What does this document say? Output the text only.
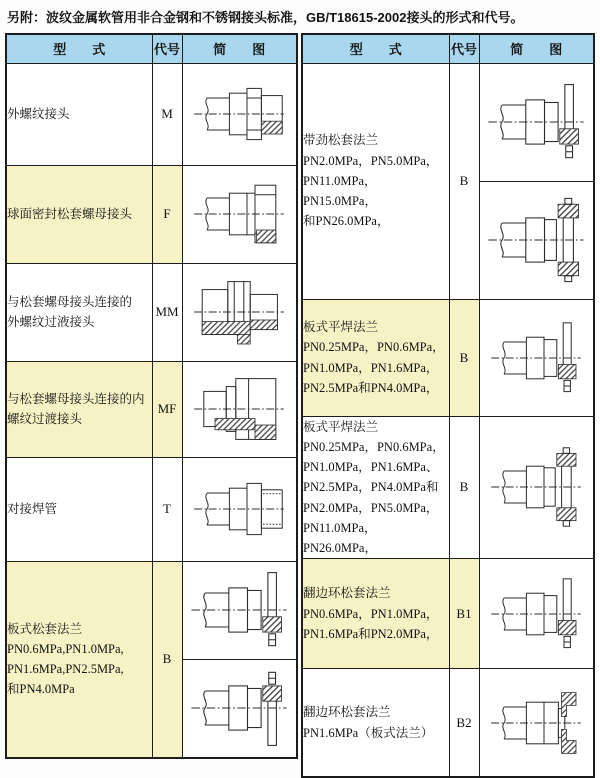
另附：波纹金属软管用非合金钢和不锈钢接头标准，GB/T18615-2002接头的形式和代号。
型　　式	代号	简　　图

外螺纹接头	M	

球面密封松套螺母接头	F	

与松套螺母接头连接的
外螺纹过液接头	MM	

与松套螺母接头连接的内
螺纹过渡接头	MF	

对接焊管	T	

板式松套法兰
PN0.6MPa,PN1.0MPa,
PN1.6MPa,PN2.5MPa,
和PN4.0MPa	B	
型　　式	代号	简　　图

带劲松套法兰
PN2.0MPa，PN5.0MPa，
PN11.0MPa，PN15.0MPa，
和PN26.0MPa，	B	

板式平焊法兰
PN0.25MPa，PN0.6MPa，
PN1.0MPa，PN1.6MPa，
PN2.5MPa和PN4.0MPa，	B	

板式平焊法兰
PN0.25MPa，PN0.6MPa，
PN1.0MPa，PN1.6MPa、
PN2.5MPa，PN4.0MPa和
PN2.0MPa，PN5.0MPa，
PN11.0MPa，PN26.0MPa，
	B	

翻边环松套法兰
PN0.6MPa，PN1.0MPa，
PN1.6MPa和PN2.0MPa，	B1	

翻边环松套法兰
PN1.6MPa（板式法兰）	B2	
